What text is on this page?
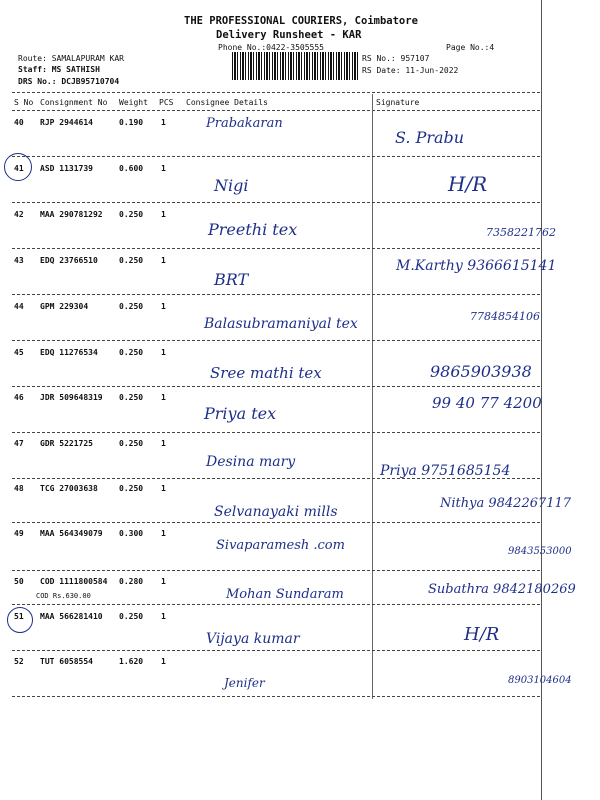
THE PROFESSIONAL COURIERS, Coimbatore
Delivery Runsheet - KAR
Phone No.:0422-3505555	Page No.:4
Route: SAMALAPURAM KAR
Staff: MS SATHISH
DRS No.: DCJB95710704
RS No.: 957107
RS Date: 11-Jun-2022
S No Consignment No Weight PCS Consignee Details	Signature
40 RJP 2944614	0.190 1	Prabakaran
S. Prabu
41 ASD 1131739	0.600 1
Nigi	H/R
42 MAA 290781292 0.250 1
Preethi tex	7358221762
43 EDQ 23766510	0.250 1
BRT
M.Karthy 9366615141
44 GPM 229304	0.250 1
Balasubramaniyal tex	7784854106
45 EDQ 11276534	0.250 1
Sree mathi tex	9865903938
46 JDR 509648319 0.250 1
Priya tex
99 40 77 4200
47 GDR 5221725	0.250 1
Desina mary
Priya 9751685154
48 TCG 27003638	0.250 1
Selvanayaki mills
Nithya 9842267117
49 MAA 564349079 0.300 1
Sivaparamesh .com	9843553000
50 COD 1111800584 0.280 1
COD Rs.630.00	Mohan Sundaram	Subathra 9842180269
51 MAA 566281410 0.250 1
Vijaya kumar	H/R
52 TUT 6058554	1.620 1
Jenifer	8903104604
